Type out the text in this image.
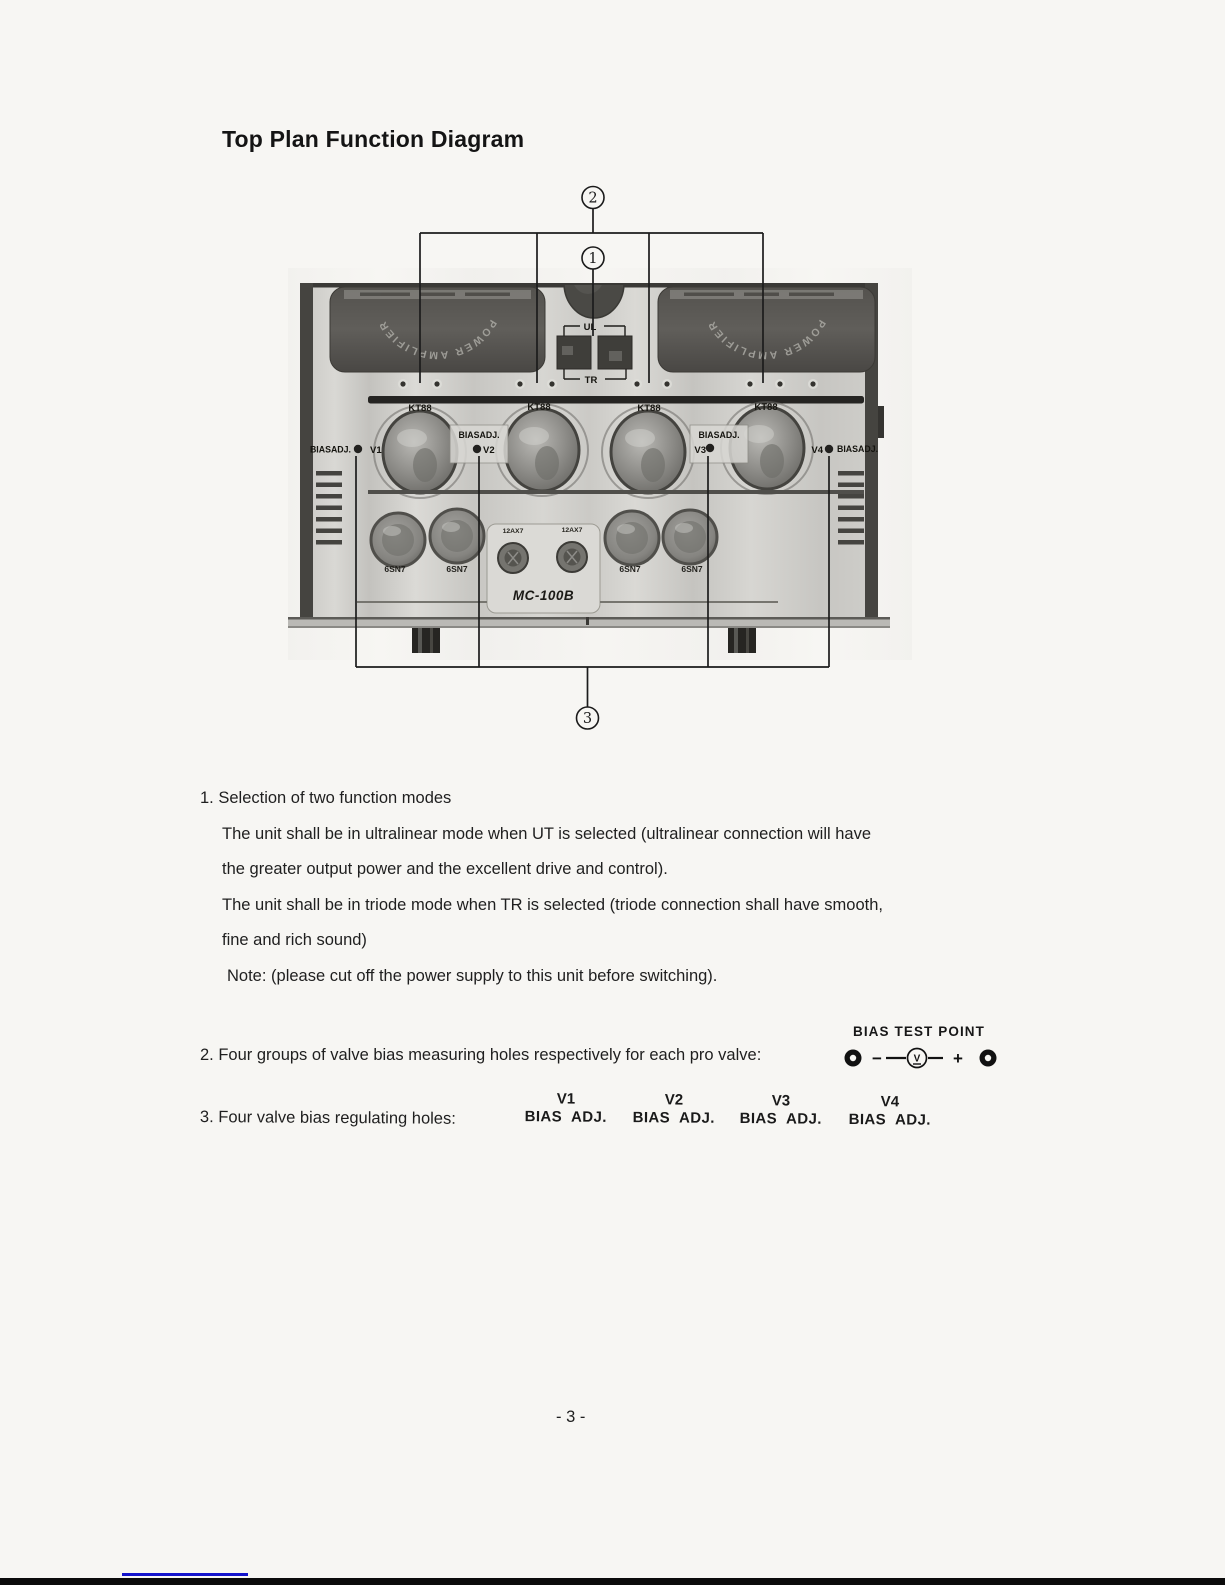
Top Plan Function Diagram
POWER AMPLIFIER	POWER AMPLIFIER
UL
TR
KT88	KT88	KT88	KT88
BIASADJ. V1
BIASADJ.
V2
BIASADJ.
V3	V4 BIASADJ.
6SN7	6SN7	6SN7	6SN7
12AX7	12AX7
MC-100B
2
1
3
1. Selection of two function modes
The unit shall be in ultralinear mode when UT is selected (ultralinear connection will have
the greater output power and the excellent drive and control).
The unit shall be in triode mode when TR is selected (triode connection shall have smooth,
fine and rich sound)
Note: (please cut off the power supply to this unit before switching).
2. Four groups of valve bias measuring holes respectively for each pro valve:
BIAS TEST POINT
−	V +
3. Four valve bias regulating holes:
V1
BIAS ADJ.
V2
BIAS ADJ.
V3
BIAS ADJ.
V4
BIAS ADJ.
- 3 -
